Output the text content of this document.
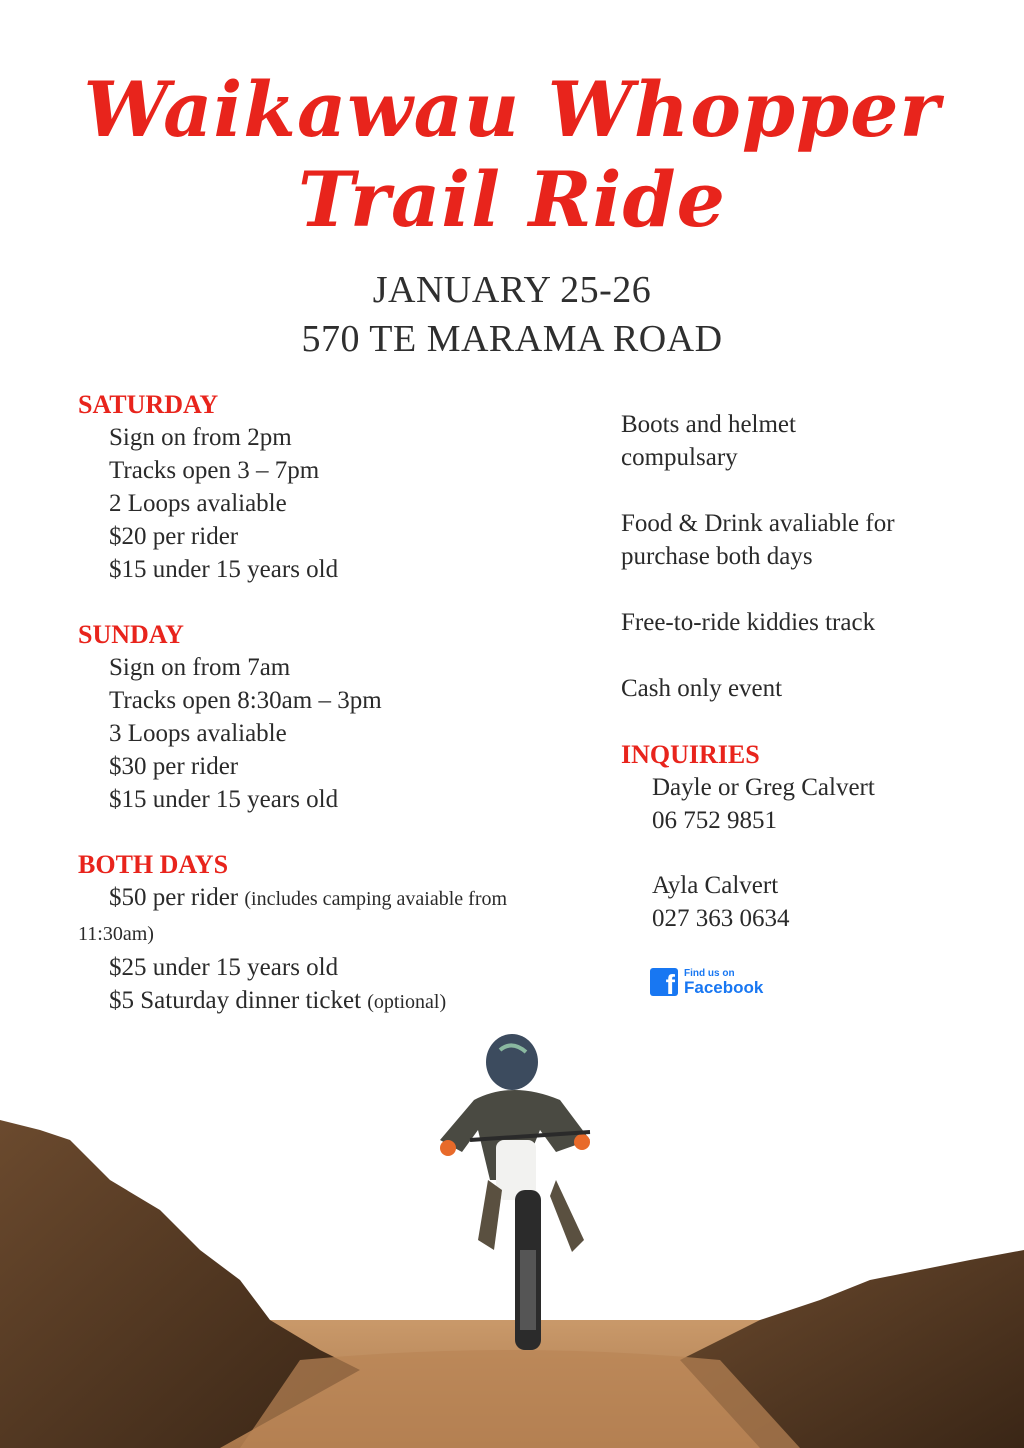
Waikawau Whopper
Trail Ride
JANUARY 25-26
570 TE MARAMA ROAD
SATURDAY
Sign on from 2pm
Tracks open 3 – 7pm
2 Loops avaliable
$20 per rider
$15 under 15 years old
SUNDAY
Sign on from 7am
Tracks open 8:30am – 3pm
3 Loops avaliable
$30 per rider
$15 under 15 years old
BOTH DAYS
$50 per rider (includes camping avaiable from
11:30am)
$25 under 15 years old
$5 Saturday dinner ticket (optional)
Boots and helmet
compulsary
Food & Drink avaliable for
purchase both days
Free-to-ride kiddies track
Cash only event
INQUIRIES
Dayle or Greg Calvert
06 752 9851
Ayla Calvert
027 363 0634
f Find us on
Facebook
